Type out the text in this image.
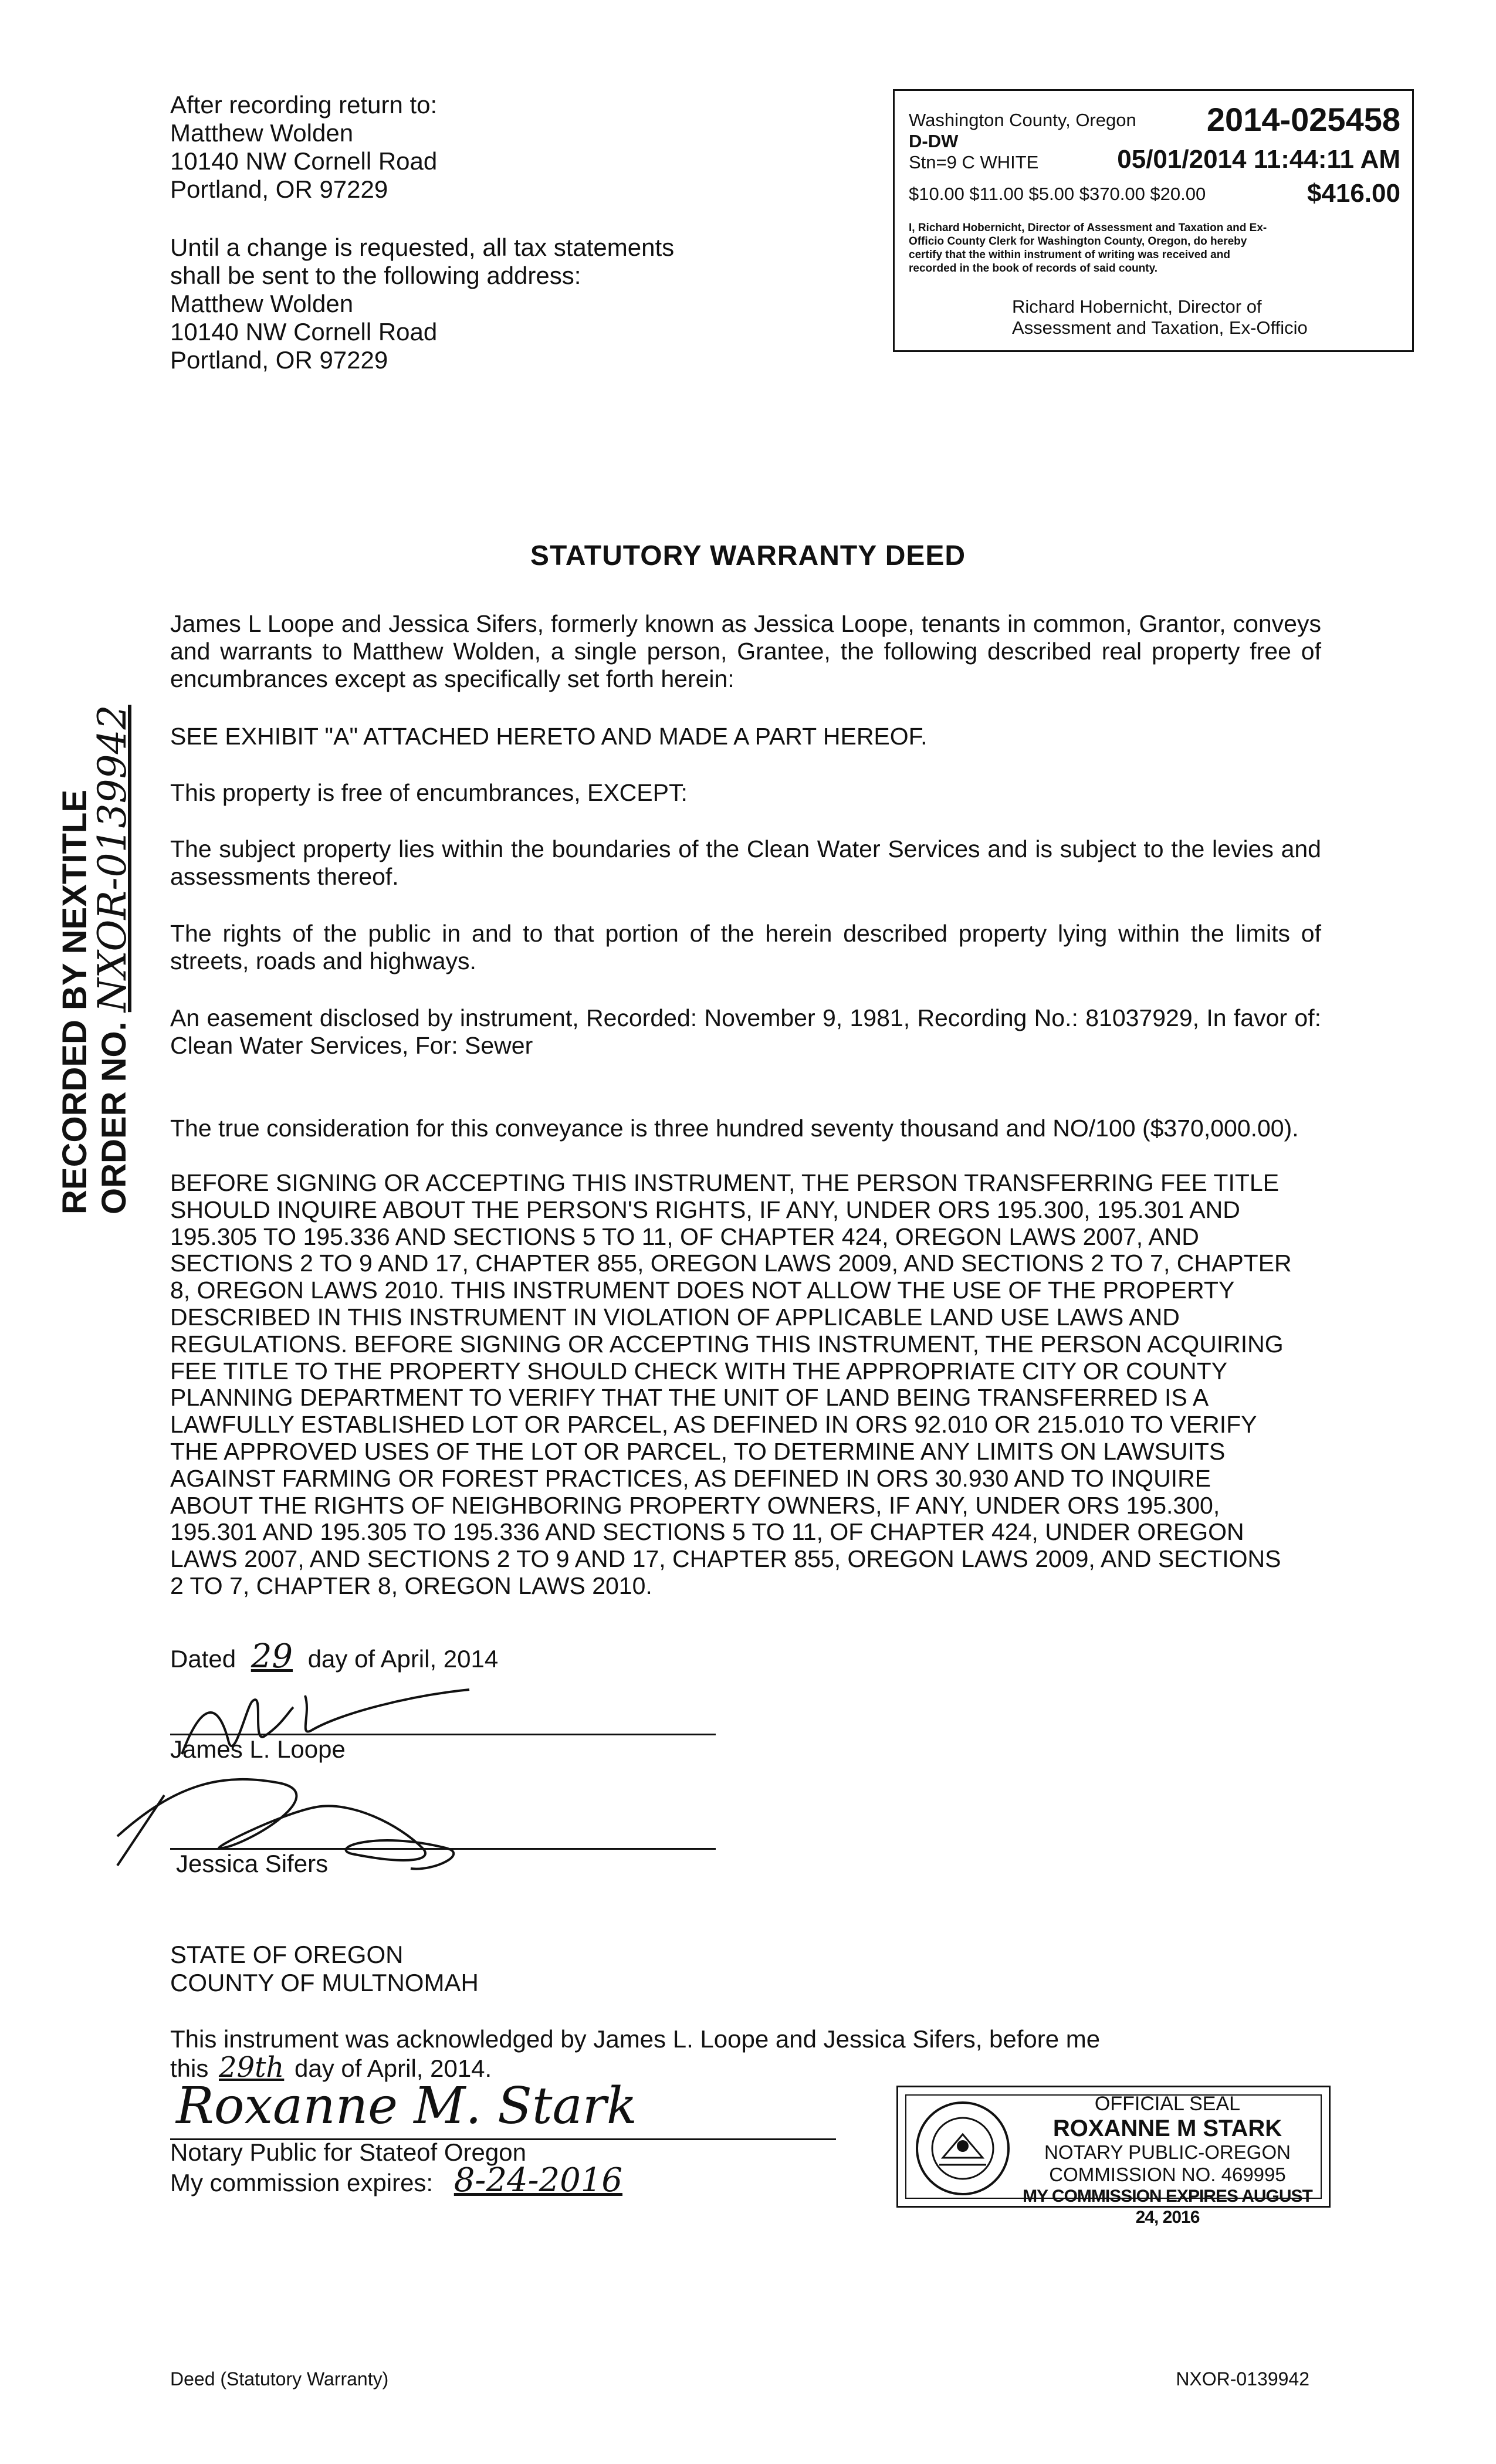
After recording return to:
Matthew Wolden
10140 NW Cornell Road
Portland, OR 97229
Until a change is requested, all tax statements
shall be sent to the following address:
Matthew Wolden
10140 NW Cornell Road
Portland, OR 97229
Washington County, Oregon 2014-025458
D-DW
Stn=9 C WHITE	05/01/2014 11:44:11 AM
$10.00 $11.00 $5.00 $370.00 $20.00	$416.00
I, Richard Hobernicht, Director of Assessment and Taxation and Ex-
Officio County Clerk for Washington County, Oregon, do hereby
certify that the within instrument of writing was received and
recorded in the book of records of said county.
Richard Hobernicht, Director of
Assessment and Taxation, Ex-Officio
RECORDED BY NEXTITLE ORDER NO. NXOR-0139942
STATUTORY WARRANTY DEED
James L Loope and Jessica Sifers, formerly known as Jessica Loope, tenants in common, Grantor, conveys and warrants to Matthew Wolden, a single person, Grantee, the following described real property free of encumbrances except as specifically set forth herein:
SEE EXHIBIT "A" ATTACHED HERETO AND MADE A PART HEREOF.
This property is free of encumbrances, EXCEPT:
The subject property lies within the boundaries of the Clean Water Services and is subject to the levies and assessments thereof.
The rights of the public in and to that portion of the herein described property lying within the limits of streets, roads and highways.
An easement disclosed by instrument, Recorded: November 9, 1981, Recording No.: 81037929, In favor of: Clean Water Services, For: Sewer
The true consideration for this conveyance is three hundred seventy thousand and NO/100 ($370,000.00).
BEFORE SIGNING OR ACCEPTING THIS INSTRUMENT, THE PERSON TRANSFERRING FEE TITLE
SHOULD INQUIRE ABOUT THE PERSON'S RIGHTS, IF ANY, UNDER ORS 195.300, 195.301 AND
195.305 TO 195.336 AND SECTIONS 5 TO 11, OF CHAPTER 424, OREGON LAWS 2007, AND
SECTIONS 2 TO 9 AND 17, CHAPTER 855, OREGON LAWS 2009, AND SECTIONS 2 TO 7, CHAPTER
8, OREGON LAWS 2010. THIS INSTRUMENT DOES NOT ALLOW THE USE OF THE PROPERTY
DESCRIBED IN THIS INSTRUMENT IN VIOLATION OF APPLICABLE LAND USE LAWS AND
REGULATIONS. BEFORE SIGNING OR ACCEPTING THIS INSTRUMENT, THE PERSON ACQUIRING
FEE TITLE TO THE PROPERTY SHOULD CHECK WITH THE APPROPRIATE CITY OR COUNTY
PLANNING DEPARTMENT TO VERIFY THAT THE UNIT OF LAND BEING TRANSFERRED IS A
LAWFULLY ESTABLISHED LOT OR PARCEL, AS DEFINED IN ORS 92.010 OR 215.010 TO VERIFY
THE APPROVED USES OF THE LOT OR PARCEL, TO DETERMINE ANY LIMITS ON LAWSUITS
AGAINST FARMING OR FOREST PRACTICES, AS DEFINED IN ORS 30.930 AND TO INQUIRE
ABOUT THE RIGHTS OF NEIGHBORING PROPERTY OWNERS, IF ANY, UNDER ORS 195.300,
195.301 AND 195.305 TO 195.336 AND SECTIONS 5 TO 11, OF CHAPTER 424, UNDER OREGON
LAWS 2007, AND SECTIONS 2 TO 9 AND 17, CHAPTER 855, OREGON LAWS 2009, AND SECTIONS
2 TO 7, CHAPTER 8, OREGON LAWS 2010.
Dated 29 day of April, 2014
James L. Loope
Jessica Sifers
STATE OF OREGON
COUNTY OF MULTNOMAH
This instrument was acknowledged by James L. Loope and Jessica Sifers, before me
this 29th day of April, 2014.
Roxanne M. Stark
Notary Public for Stateof Oregon
My commission expires: 8-24-2016
OFFICIAL SEAL
ROXANNE M STARK
NOTARY PUBLIC-OREGON
COMMISSION NO. 469995
MY COMMISSION EXPIRES AUGUST 24, 2016
Deed (Statutory Warranty)	NXOR-0139942
